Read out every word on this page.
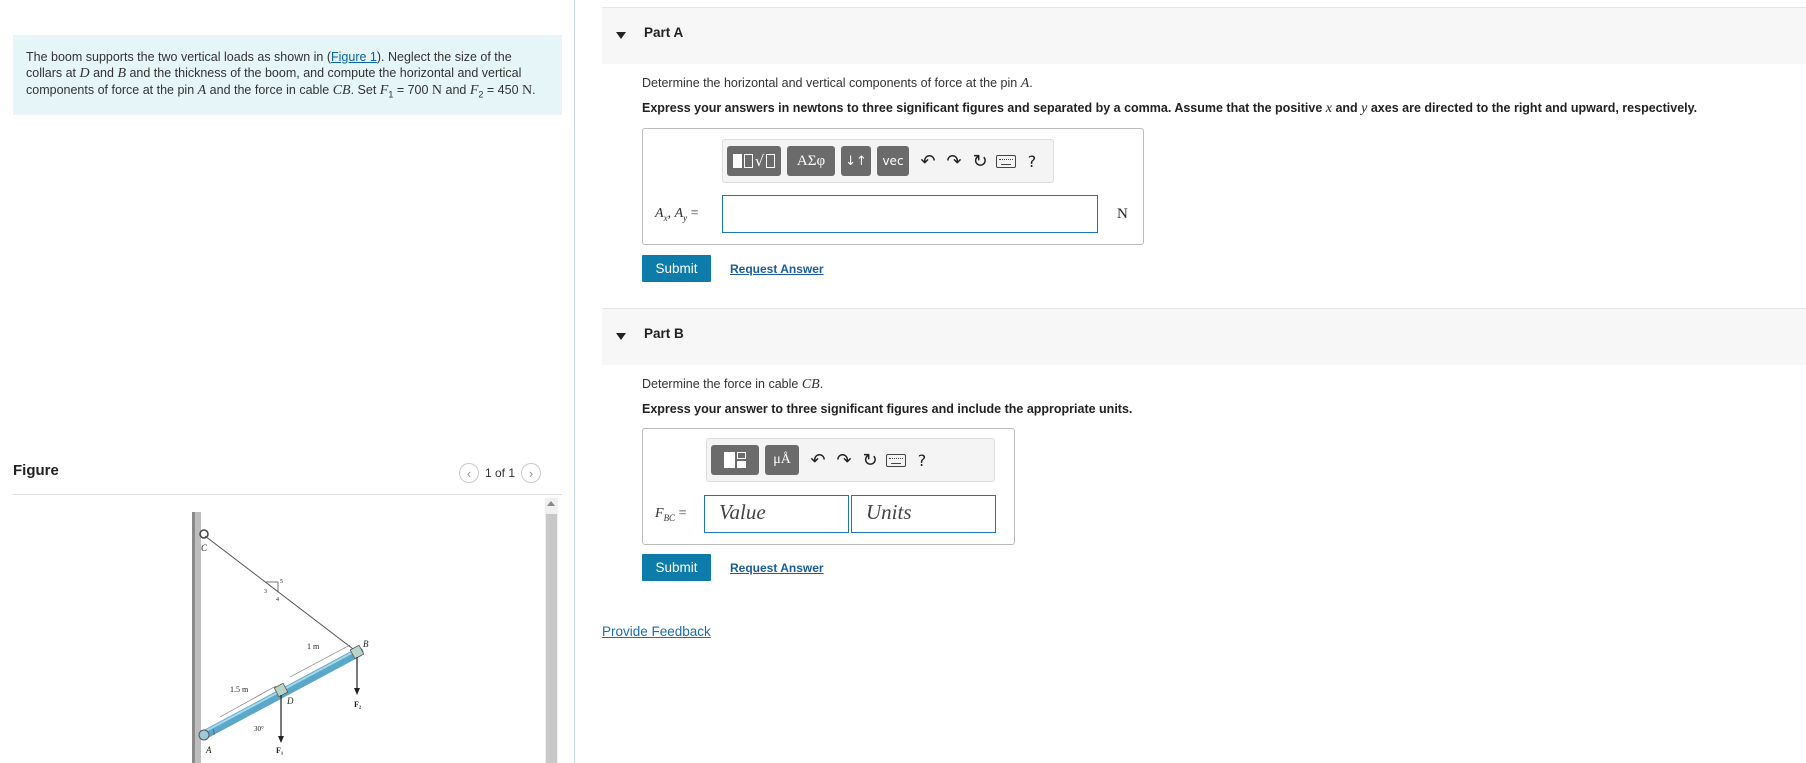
The boom supports the two vertical loads as shown in (Figure 1). Neglect the size of the collars at D and B and the thickness of the boom, and compute the horizontal and vertical components of force at the pin A and the force in cable CB. Set $F_1 = 700$ N and $F_2 = 450$ N.
Figure	‹ 1 of 1 ›
C
A
B
D
F₁
F₂
1 m
1.5 m
30°
3
4
5
Part A
Determine the horizontal and vertical components of force at the pin A.
Express your answers in newtons to three significant figures and separated by a comma. Assume that the positive x and y axes are directed to the right and upward, respectively.
√	ΑΣφ	↓↑	vec ↶ ↷ ↻	?
$A_x$, $A_y$ =	N
Submit	Request Answer
Part B
Determine the force in cable CB.
Express your answer to three significant figures and include the appropriate units.
μÅ	↶ ↷ ↻	?
$F_{BC}$ =	Value	Units
Submit	Request Answer
Provide Feedback
